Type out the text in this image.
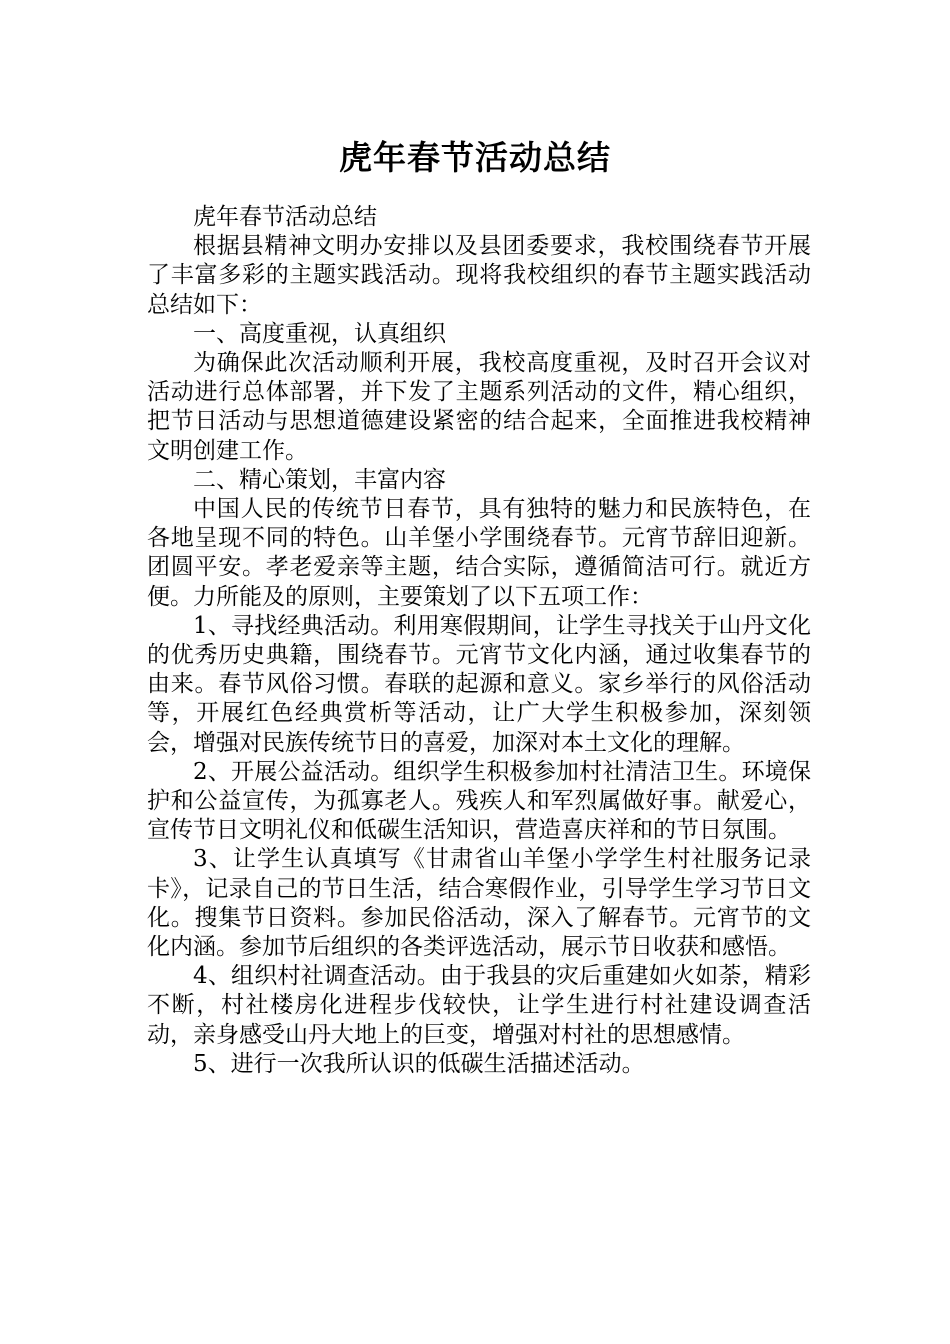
虎年春节活动总结

虎年春节活动总结

根据县精神文明办安排以及县团委要求，我校围绕春节开展了丰富多彩的主题实践活动。现将我校组织的春节主题实践活动总结如下：

一、高度重视，认真组织

为确保此次活动顺利开展，我校高度重视，及时召开会议对活动进行总体部署，并下发了主题系列活动的文件，精心组织，把节日活动与思想道德建设紧密的结合起来，全面推进我校精神文明创建工作。

二、精心策划，丰富内容

中国人民的传统节日春节，具有独特的魅力和民族特色，在各地呈现不同的特色。山羊堡小学围绕春节。元宵节辞旧迎新。团圆平安。孝老爱亲等主题，结合实际，遵循简洁可行。就近方便。力所能及的原则，主要策划了以下五项工作：

1、寻找经典活动。利用寒假期间，让学生寻找关于山丹文化的优秀历史典籍，围绕春节。元宵节文化内涵，通过收集春节的由来。春节风俗习惯。春联的起源和意义。家乡举行的风俗活动等，开展红色经典赏析等活动，让广大学生积极参加，深刻领会，增强对民族传统节日的喜爱，加深对本土文化的理解。

2、开展公益活动。组织学生积极参加村社清洁卫生。环境保护和公益宣传，为孤寡老人。残疾人和军烈属做好事。献爱心，宣传节日文明礼仪和低碳生活知识，营造喜庆祥和的节日氛围。

3、让学生认真填写《甘肃省山羊堡小学学生村社服务记录卡》，记录自己的节日生活，结合寒假作业，引导学生学习节日文化。搜集节日资料。参加民俗活动，深入了解春节。元宵节的文化内涵。参加节后组织的各类评选活动，展示节日收获和感悟。

4、组织村社调查活动。由于我县的灾后重建如火如荼，精彩不断，村社楼房化进程步伐较快，让学生进行村社建设调查活动，亲身感受山丹大地上的巨变，增强对村社的思想感情。

5、进行一次我所认识的低碳生活描述活动。
